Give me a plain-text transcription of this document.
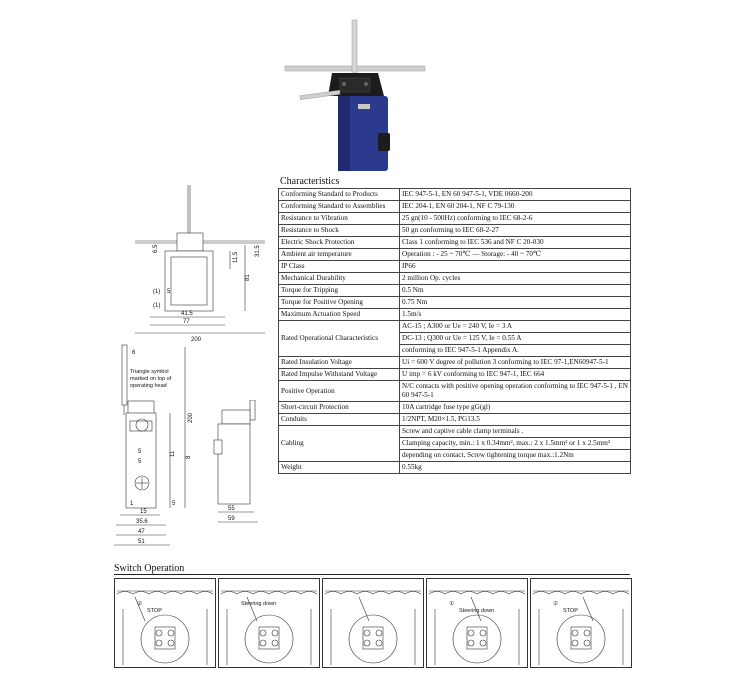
Characteristics
Conforming Standard to Products	IEC 947-5-1, EN 60 947-5-1, VDE 0660-200
Conforming Standard to Assemblies	IEC 204-1, EN 60 204-1, NF C 79-130
Resistance to Vibration	25 gn(10 - 500Hz) conforming to IEC 68-2-6
Resistance to Shock	50 gn conforming to IEC 68-2-27
Electric Shock Protection	Class 1 conforming to IEC 536 and NF C 20-030
Ambient air temperature	Operation : - 25 ~ 70℃ — Storage: - 40 ~ 70℃
IP Class	IP66
Mechanical Durability	2 million Op. cycles
Torque for Tripping	0.5 Nm
Torque for Positive Opening	0.75 Nm
Maximum Actuation Speed	1.5m/s
Rated Operational Characteristics	AC-15 ; A300 or Ue = 240 V, Ie = 3 A
	DC-13 ; Q300 or Ue = 125 V, Ie = 0.55 A
	conforming to IEC 947-5-1 Appendix A.
Rated Insulation Voltage	Ui = 600 V degree of pollution 3 conforming to IEC 97-1,EN60947-5-1
Rated Impulse Withstand Voltage	U imp = 6 kV conforming to IEC 947-1, IEC 664
Positive Operation	N/C contacts with positive opening operation conforming to IEC 947-5-1 , EN 60 947-5-1
Short-circuit Protection	10A cartridge fuse type gG(gl)
Conduits	1/2NPT, M20×1.5, PG13.5
Cabling	Screw and captive cable clamp terminals .
	Clamping capacity, min.: 1 x 0.34mm², max.: 2 x 1.5mm² or 1 x 2.5mm²
	depending on contact, Screw tightening torque max.:1.2Nm
Weight	0.55kg
6.5	31.5
11.5
81
(1) 5
(1)
41.5
77
200
Triangle symbol
marked on top of
operating head
6
200
11
8
5
5
1
15
35.6
47
51
5
55
59
Switch Operation
②
STOP
Steering down	①
Steering down
②
STOP
